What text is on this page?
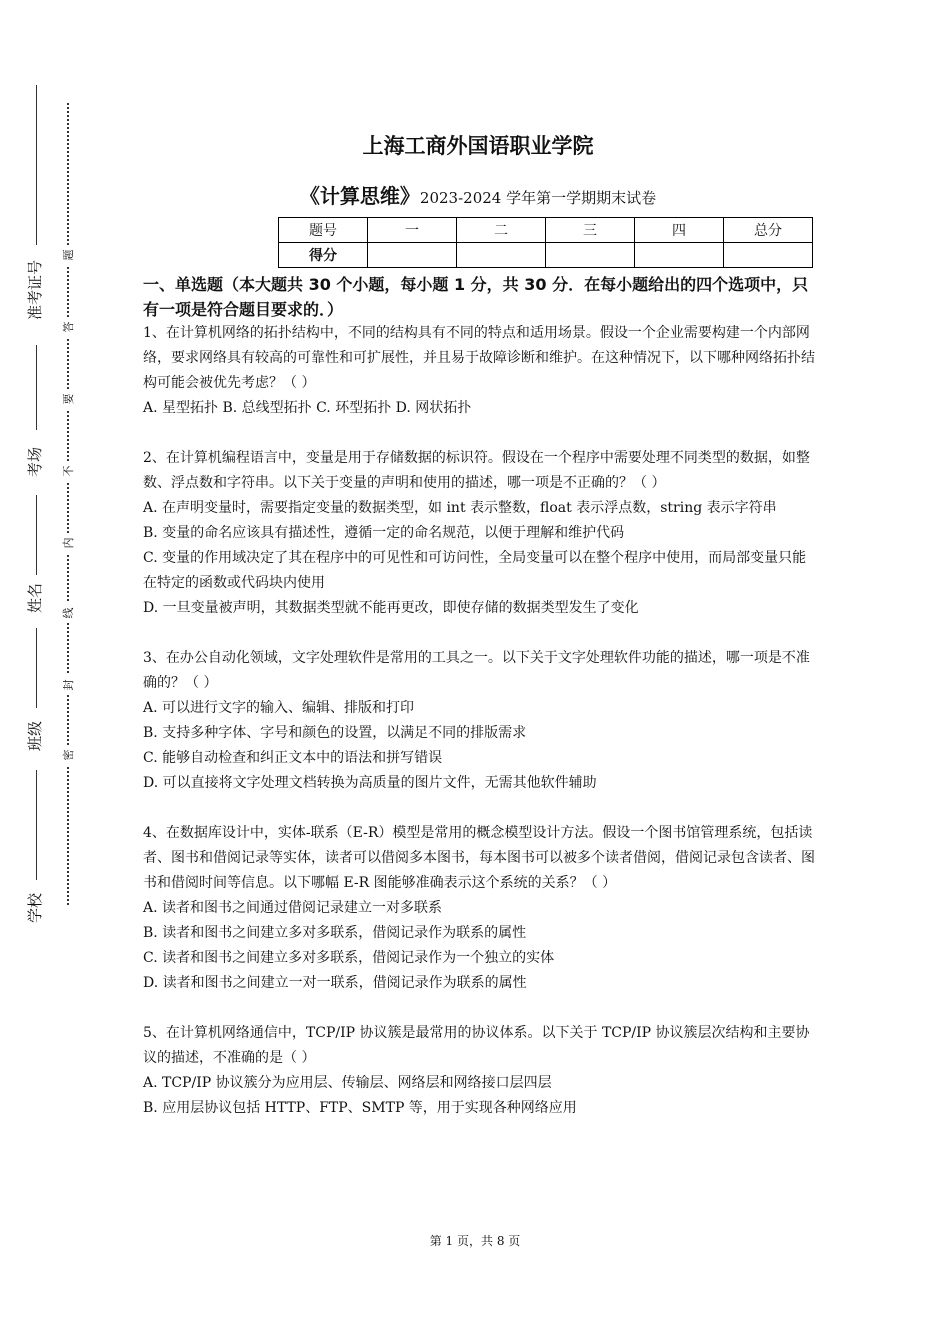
准考证号
考场
姓名
班级
学校
题
答
要
不
内
线
封
密
上海工商外国语职业学院
《计算思维》2023-2024 学年第一学期期末试卷
题号	一	二	三	四	总分
得分					
一、单选题（本大题共 30 个小题，每小题 1 分，共 30 分．在每小题给出的四个选项中，只有一项是符合题目要求的．）

1、在计算机网络的拓扑结构中，不同的结构具有不同的特点和适用场景。假设一个企业需要构建一个内部网络，要求网络具有较高的可靠性和可扩展性，并且易于故障诊断和维护。在这种情况下，以下哪种网络拓扑结构可能会被优先考虑？（ ）

A. 星型拓扑 B. 总线型拓扑 C. 环型拓扑 D. 网状拓扑

2、在计算机编程语言中，变量是用于存储数据的标识符。假设在一个程序中需要处理不同类型的数据，如整数、浮点数和字符串。以下关于变量的声明和使用的描述，哪一项是不正确的？（ ）

A. 在声明变量时，需要指定变量的数据类型，如 int 表示整数，float 表示浮点数，string 表示字符串

B. 变量的命名应该具有描述性，遵循一定的命名规范，以便于理解和维护代码

C. 变量的作用域决定了其在程序中的可见性和可访问性，全局变量可以在整个程序中使用，而局部变量只能在特定的函数或代码块内使用

D. 一旦变量被声明，其数据类型就不能再更改，即使存储的数据类型发生了变化

3、在办公自动化领域，文字处理软件是常用的工具之一。以下关于文字处理软件功能的描述，哪一项是不准确的？（ ）

A. 可以进行文字的输入、编辑、排版和打印

B. 支持多种字体、字号和颜色的设置，以满足不同的排版需求

C. 能够自动检查和纠正文本中的语法和拼写错误

D. 可以直接将文字处理文档转换为高质量的图片文件，无需其他软件辅助

4、在数据库设计中，实体-联系（E-R）模型是常用的概念模型设计方法。假设一个图书馆管理系统，包括读者、图书和借阅记录等实体，读者可以借阅多本图书，每本图书可以被多个读者借阅，借阅记录包含读者、图书和借阅时间等信息。以下哪幅 E-R 图能够准确表示这个系统的关系？（ ）

A. 读者和图书之间通过借阅记录建立一对多联系

B. 读者和图书之间建立多对多联系，借阅记录作为联系的属性

C. 读者和图书之间建立多对多联系，借阅记录作为一个独立的实体

D. 读者和图书之间建立一对一联系，借阅记录作为联系的属性

5、在计算机网络通信中，TCP/IP 协议簇是最常用的协议体系。以下关于 TCP/IP 协议簇层次结构和主要协议的描述，不准确的是（ ）

A. TCP/IP 协议簇分为应用层、传输层、网络层和网络接口层四层

B. 应用层协议包括 HTTP、FTP、SMTP 等，用于实现各种网络应用

第 1 页，共 8 页
